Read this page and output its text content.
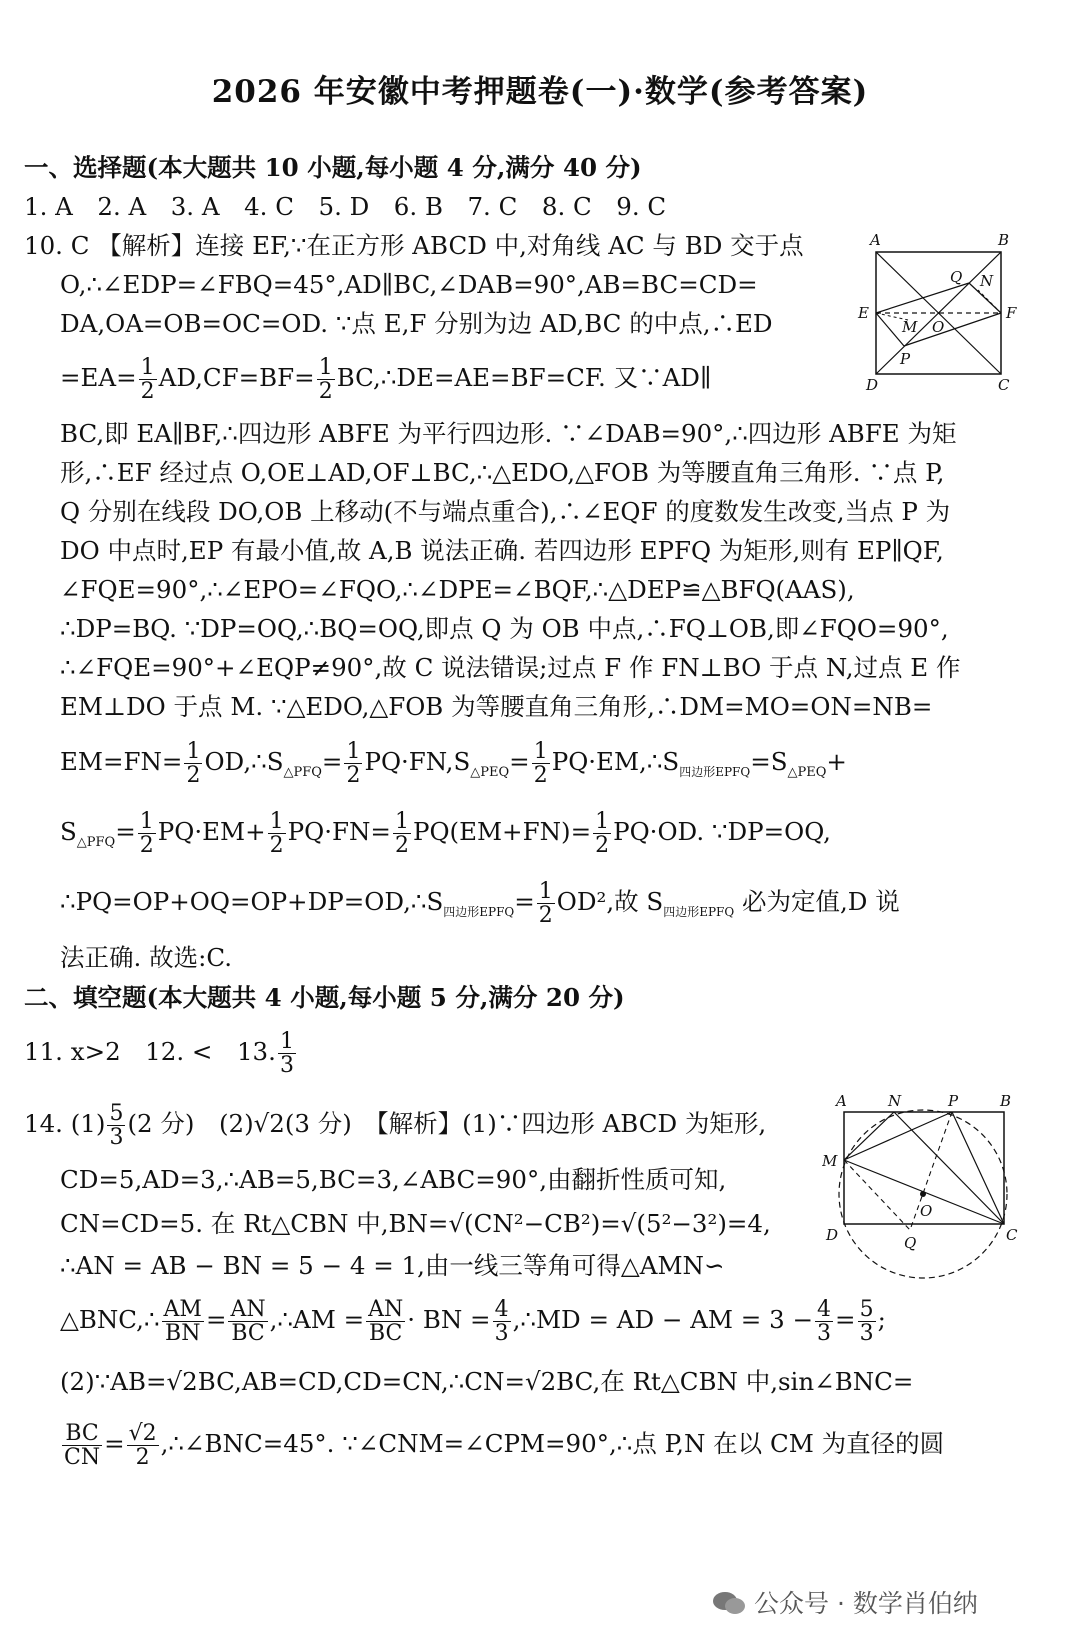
2026 年安徽中考押题卷(一)·数学(参考答案)
一、选择题(本大题共 10 小题,每小题 4 分,满分 40 分)
1. A　2. A　3. A　4. C　5. D　6. B　7. C　8. C　9. C
10. C 【解析】连接 EF,∵在正方形 ABCD 中,对角线 AC 与 BD 交于点
O,∴∠EDP=∠FBQ=45°,AD∥BC,∠DAB=90°,AB=BC=CD=
DA,OA=OB=OC=OD. ∵点 E,F 分别为边 AD,BC 的中点,∴ED
$=EA= \frac{1}{2} AD,CF=BF= \frac{1}{2}$ BC,∴DE=AE=BF=CF. 又∵AD∥
BC,即 EA∥BF,∴四边形 ABFE 为平行四边形. ∵∠DAB=90°,∴四边形 ABFE 为矩
形,∴EF 经过点 O,OE⊥AD,OF⊥BC,∴△EDO,△FOB 为等腰直角三角形. ∵点 P,
Q 分别在线段 DO,OB 上移动(不与端点重合),∴∠EQF 的度数发生改变,当点 P 为
DO 中点时,EP 有最小值,故 A,B 说法正确. 若四边形 EPFQ 为矩形,则有 EP∥QF,
∠FQE=90°,∴∠EPO=∠FQO,∴∠DPE=∠BQF,∴△DEP≌△BFQ(AAS),
∴DP=BQ. ∵DP=OQ,∴BQ=OQ,即点 Q 为 OB 中点,∴FQ⊥OB,即∠FQO=90°,
∴∠FQE=90°+∠EQP≠90°,故 C 说法错误;过点 F 作 FN⊥BO 于点 N,过点 E 作
EM⊥DO 于点 M. ∵△EDO,△FOB 为等腰直角三角形,∴DM=MO=ON=NB=
$EM=FN= \frac{1}{2}$ $OD,\therefore S_{\triangle PFQ}= \frac{1}{2} PQ\cdot FN,S_{\triangle PEQ}= \frac{1}{2}$ $PQ\cdot EM,\therefore S_{四边形EPFQ}=S_{\triangle PEQ}+$
$S_{\triangle PFQ}= \frac{1}{2} PQ\cdot EM+ \frac{1}{2} PQ\cdot FN= \frac{1}{2} PQ(EM+FN)= \frac{1}{2} PQ\cdot OD$. ∵DP=OQ,
$\therefore PQ=OP+OQ=OP+DP=OD,\therefore S_{四边形EPFQ}= \frac{1}{2} OD^2$,故 $S_{四边形EPFQ}$ 必为定值,D 说
法正确. 故选:C.
二、填空题(本大题共 4 小题,每小题 5 分,满分 20 分)
11. x>2　12. <　13. $\frac{1}{3}$
14. $(1) \frac{5}{3} (2$ 分)　(2)√2(3 分)　【解析】(1)∵四边形 ABCD 为矩形,
CD=5,AD=3,∴AB=5,BC=3,∠ABC=90°,由翻折性质可知,
CN=CD=5. 在 Rt△CBN 中,BN=√(CN²−CB²)=√(5²−3²)=4,
∴AN = AB − BN = 5 − 4 = 1,由一线三等角可得△AMN∽
△BNC,∴ $\frac{AM}{BN} = \frac{AN}{BC}$ ,∴AM = $\frac{AN}{BC}$ · BN = $\frac{4}{3}$ ,∴MD = AD − AM = $3 - \frac{4}{3} = \frac{5}{3}$ ;
(2)∵AB=√2BC,AB=CD,CD=CN,∴CN=√2BC,在 Rt△CBN 中,sin∠BNC=
$\frac{BC}{CN} = \frac{√2}{2}$ ,∴∠BNC=45°. ∵∠CNM=∠CPM=90°,∴点 P,N 在以 CM 为直径的圆
A	B
C
D
E	F
O
M
N
P
Q
A	B
C
D
M
N	P
Q
O
公众号 · 数学肖伯纳
